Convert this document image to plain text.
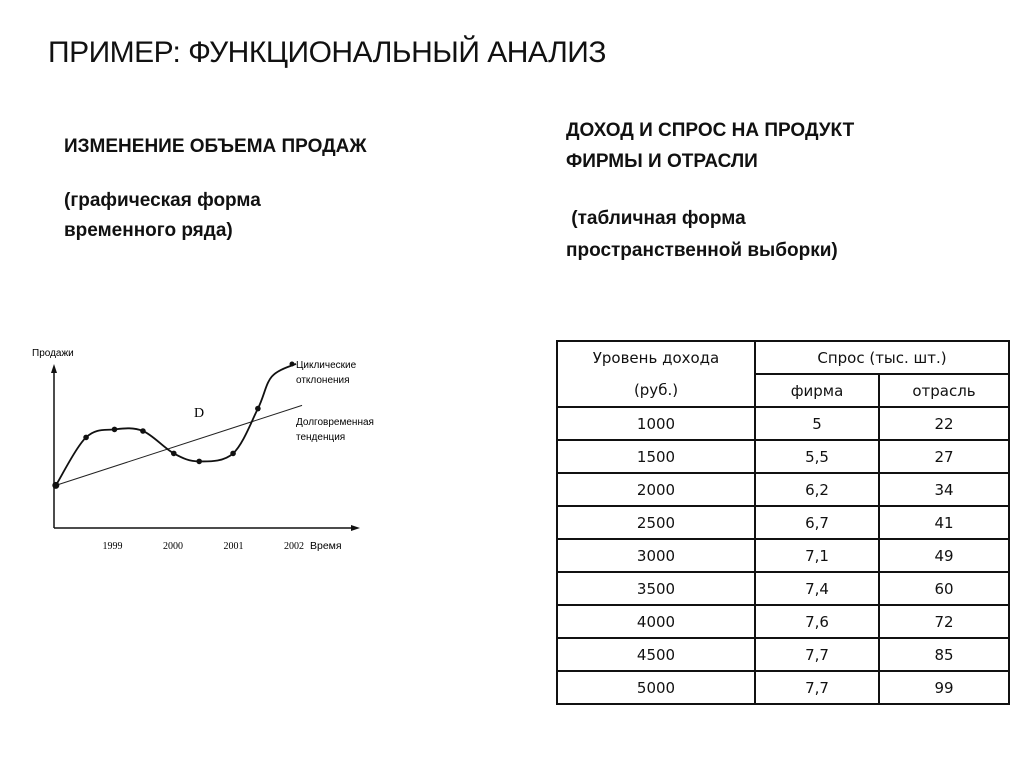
ПРИМЕР: ФУНКЦИОНАЛЬНЫЙ АНАЛИЗ
ИЗМЕНЕНИЕ ОБЪЕМА ПРОДАЖ
(графическая форма
временного ряда)
ДОХОД И СПРОС НА ПРОДУКТ
ФИРМЫ И ОТРАСЛИ
(табличная форма
пространственной выборки)
Продажи
Время
1999	2000	2001	2002
Циклические
отклонения
Долговременная
тенденция
D
Уровень дохода	Спрос (тыс. шт.)	
(руб.)	фирма	отрасль
1000	5	22
1500	5,5	27
2000	6,2	34
2500	6,7	41
3000	7,1	49
3500	7,4	60
4000	7,6	72
4500	7,7	85
5000	7,7	99
